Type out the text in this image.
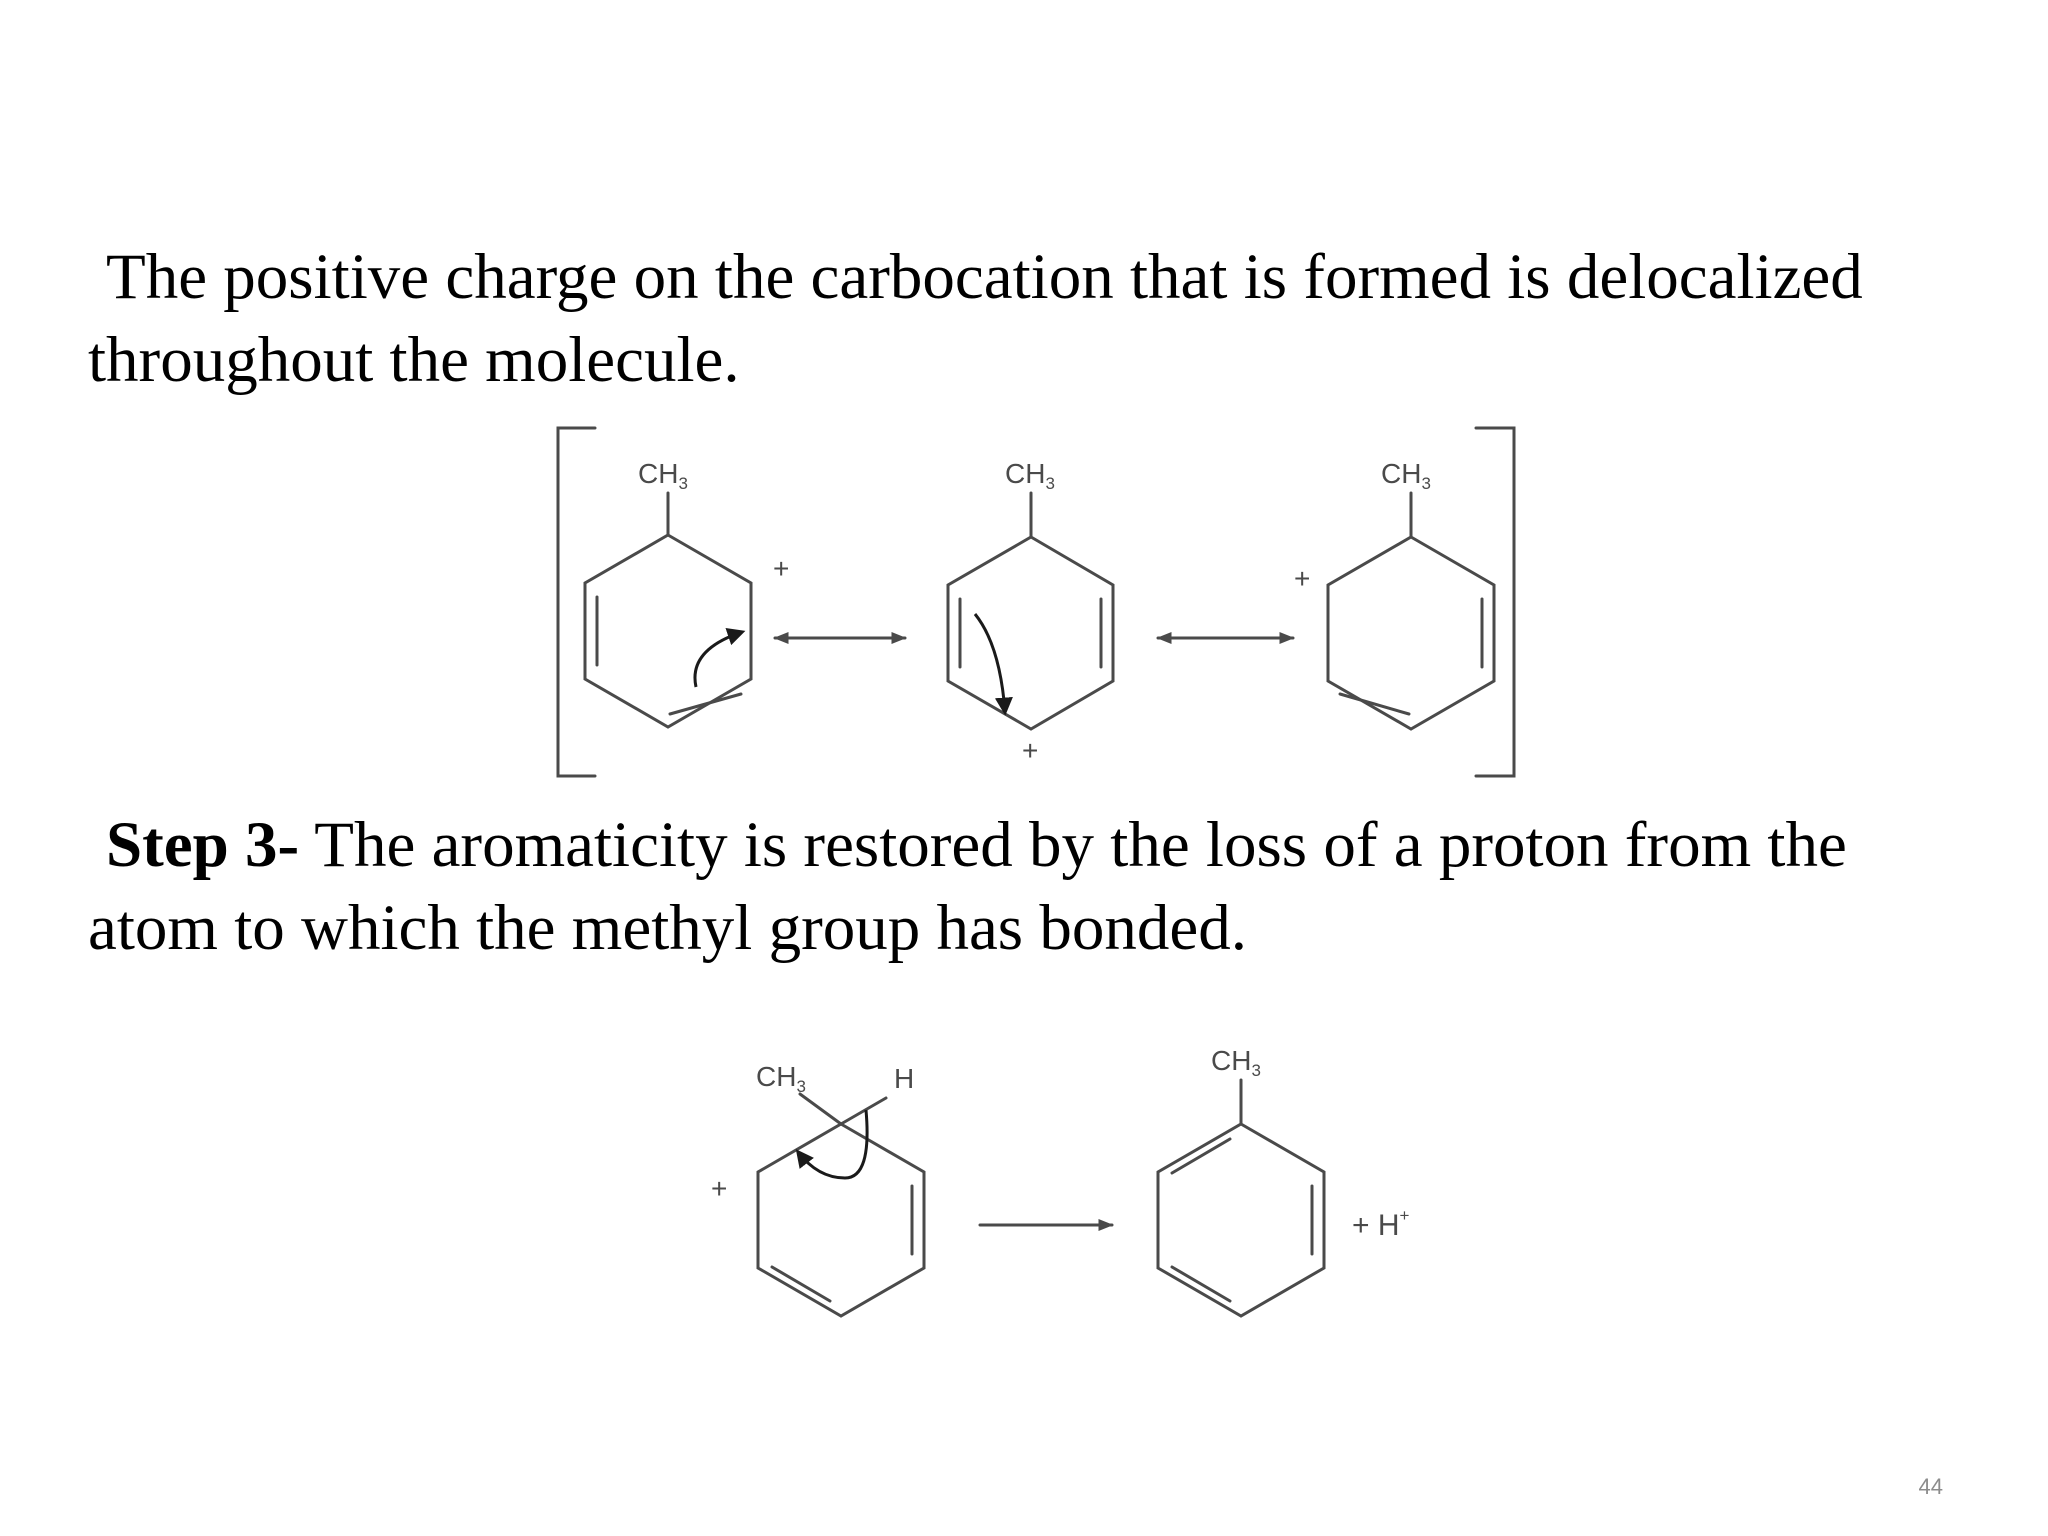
The positive charge on the carbocation that is formed is delocalized
throughout the molecule.

$CH_3$
+
$CH_3$
+
$CH_3$
+
$CH_3$	H
+
$CH_3$
+ H+

Step 3- The aromaticity is restored by the loss of a proton from the
atom to which the methyl group has bonded.

44
